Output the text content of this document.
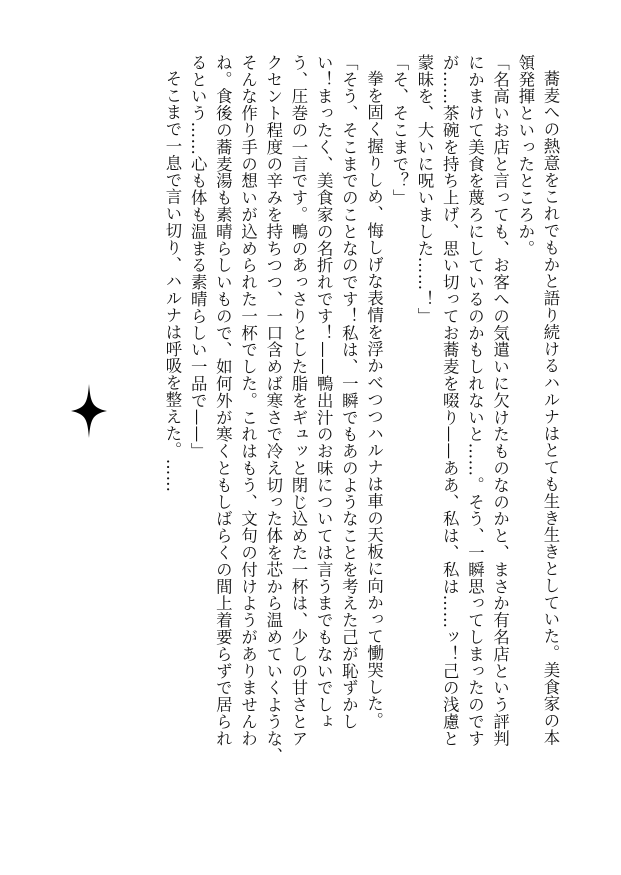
蕎麦への熱意をこれでもかと語り続けるハルナはとても生き生きとしていた。美食家の本

領発揮といったところか。

「名高いお店と言っても、お客への気遣いに欠けたものなのかと、まさか有名店という評判

にかまけて美食を蔑ろにしているのかもしれないと……。そう、一瞬思ってしまったのです

が……茶碗を持ち上げ、思い切ってお蕎麦を啜り——ああ、私は、私は……ッ！己の浅慮と

蒙昧を、大いに呪いました……！」

「そ、そこまで？」

拳を固く握りしめ、悔しげな表情を浮かべつつハルナは車の天板に向かって慟哭した。

「そう、そこまでのことなのです！私は、一瞬でもあのようなことを考えた己が恥ずかし

い！まったく、美食家の名折れです！——鴨出汁のお味については言うまでもないでしょ

う、圧巻の一言です。鴨のあっさりとした脂をギュッと閉じ込めた一杯は、少しの甘さとア

クセント程度の辛みを持ちつつ、一口含めば寒さで冷え切った体を芯から温めていくような、

そんな作り手の想いが込められた一杯でした。これはもう、文句の付けようがありませんわ

ね。食後の蕎麦湯も素晴らしいもので、如何外が寒くともしばらくの間上着要らずで居られ

るという……心も体も温まる素晴らしい一品で——」

そこまで一息で言い切り、ハルナは呼吸を整えた。……
